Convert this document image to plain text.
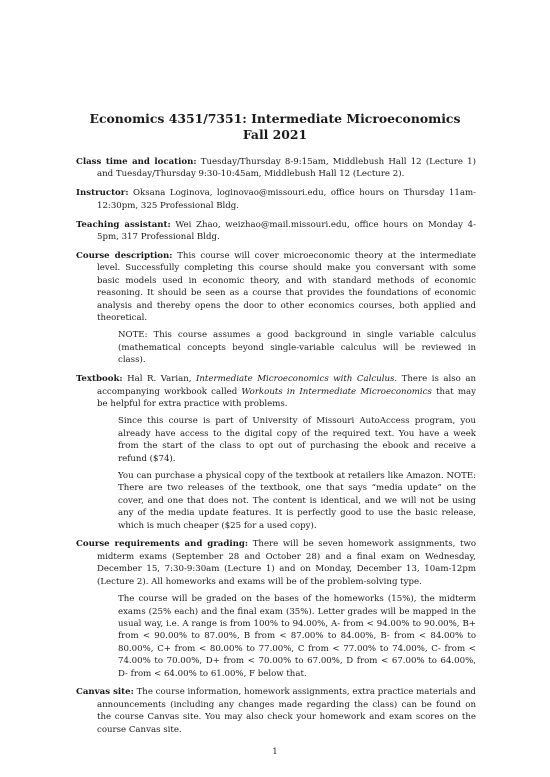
Economics 4351/7351: Intermediate Microeconomics
Fall 2021

Class time and location: Tuesday/Thursday 8-9:15am, Middlebush Hall 12 (Lecture 1) and Tuesday/Thursday 9:30-10:45am, Middlebush Hall 12 (Lecture 2).

Instructor: Oksana Loginova, loginovao@missouri.edu, office hours on Thursday 11am-12:30pm, 325 Professional Bldg.

Teaching assistant: Wei Zhao, weizhao@mail.missouri.edu, office hours on Monday 4-5pm, 317 Professional Bldg.

Course description: This course will cover microeconomic theory at the intermediate level. Successfully completing this course should make you conversant with some basic models used in economic theory, and with standard methods of economic reasoning. It should be seen as a course that provides the foundations of economic analysis and thereby opens the door to other economics courses, both applied and theoretical.

NOTE: This course assumes a good background in single variable calculus (mathematical concepts beyond single-variable calculus will be reviewed in class).

Textbook: Hal R. Varian, Intermediate Microeconomics with Calculus. There is also an accompanying workbook called Workouts in Intermediate Microeconomics that may be helpful for extra practice with problems.

Since this course is part of University of Missouri AutoAccess program, you already have access to the digital copy of the required text. You have a week from the start of the class to opt out of purchasing the ebook and receive a refund ($74).

You can purchase a physical copy of the textbook at retailers like Amazon. NOTE: There are two releases of the textbook, one that says “media update” on the cover, and one that does not. The content is identical, and we will not be using any of the media update features. It is perfectly good to use the basic release, which is much cheaper ($25 for a used copy).

Course requirements and grading: There will be seven homework assignments, two midterm exams (September 28 and October 28) and a final exam on Wednesday, December 15, 7:30-9:30am (Lecture 1) and on Monday, December 13, 10am-12pm (Lecture 2). All homeworks and exams will be of the problem-solving type.

The course will be graded on the bases of the homeworks (15%), the midterm exams (25% each) and the final exam (35%). Letter grades will be mapped in the usual way, i.e. A range is from 100% to 94.00%, A- from < 94.00% to 90.00%, B+ from < 90.00% to 87.00%, B from < 87.00% to 84.00%, B- from < 84.00% to 80.00%, C+ from < 80.00% to 77.00%, C from < 77.00% to 74.00%, C- from < 74.00% to 70.00%, D+ from < 70.00% to 67.00%, D from < 67.00% to 64.00%, D- from < 64.00% to 61.00%, F below that.

Canvas site: The course information, homework assignments, extra practice materials and announcements (including any changes made regarding the class) can be found on the course Canvas site. You may also check your homework and exam scores on the course Canvas site.

1
